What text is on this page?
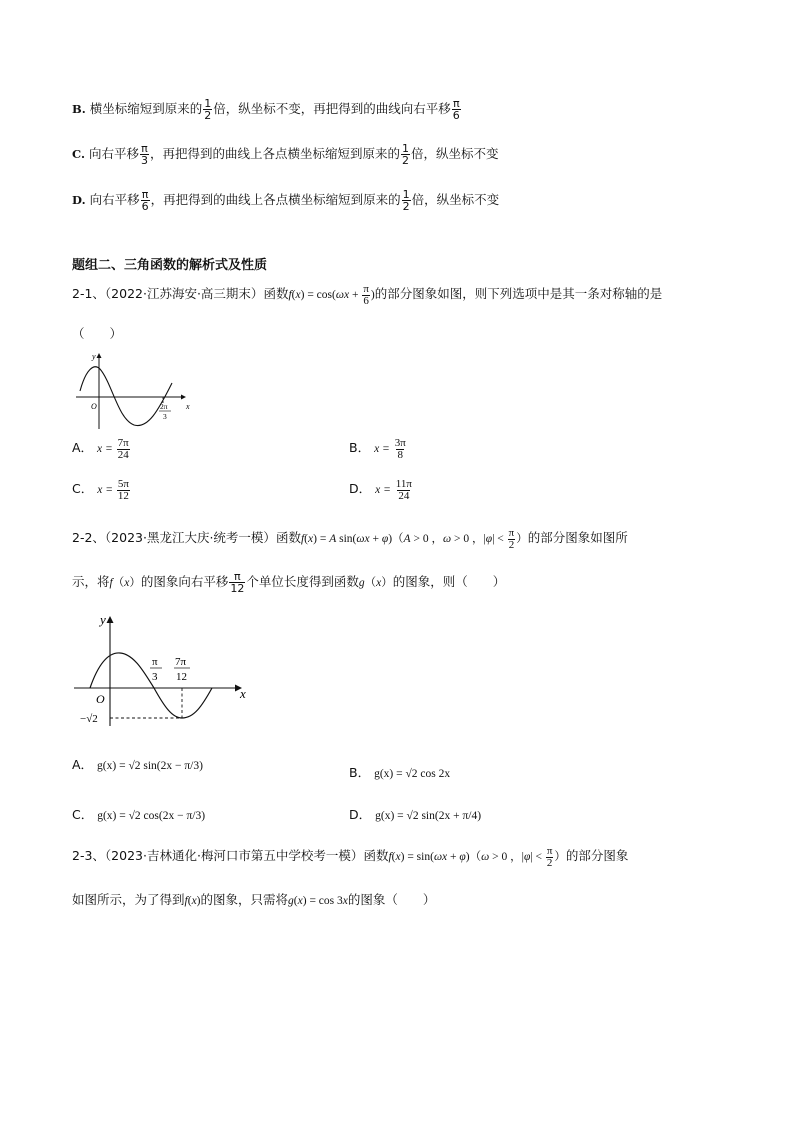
B. 横坐标缩短到原来的 $\frac{1}{2}$ 倍，纵坐标不变，再把得到的曲线向右平移 $\frac{\pi}{6}$
C. 向右平移 $\frac{\pi}{3}$ ，再把得到的曲线上各点横坐标缩短到原来的 $\frac{1}{2}$ 倍，纵坐标不变
D. 向右平移 $\frac{\pi}{6}$ ，再把得到的曲线上各点横坐标缩短到原来的 $\frac{1}{2}$ 倍，纵坐标不变
题组二、三角函数的解析式及性质
2-1、（2022·江苏海安·高三期末）函数$f(x) = \cos(\omega x + \frac{\pi}{6}$ )的部分图象如图，则下列选项中是其一条对称轴的是
（　　）
y
O	x
2π
3
A． $x = \frac{7\pi}{24}$	B． $x = \frac{3\pi}{8}$
C． $x = \frac{5\pi}{12}$	D． $x = \frac{11\pi}{24}$
2-2、（2023·黑龙江大庆·统考一模）函数f(x) = A sin(ωx + φ)（A > 0 ，ω > 0 ，$|\varphi| < \frac{\pi}{2}$ ）的部分图象如图所
示，将f（x）的图象向右平移 $\frac{\pi}{12}$ 个单位长度得到函数g（x）的图象，则（　　）
y
O	x
π
3
7π
12
−√2
A． g(x) = √2 sin(2x − π/3)	B． g(x) = √2 cos 2x
C． g(x) = √2 cos(2x − π/3)	D． g(x) = √2 sin(2x + π/4)
2-3、（2023·吉林通化·梅河口市第五中学校考一模）函数f(x) = sin(ωx + φ)（ω > 0 ，$|\varphi| < \frac{\pi}{2}$ ）的部分图象
如图所示，为了得到f(x)的图象，只需将g(x) = cos 3x的图象（　　）
